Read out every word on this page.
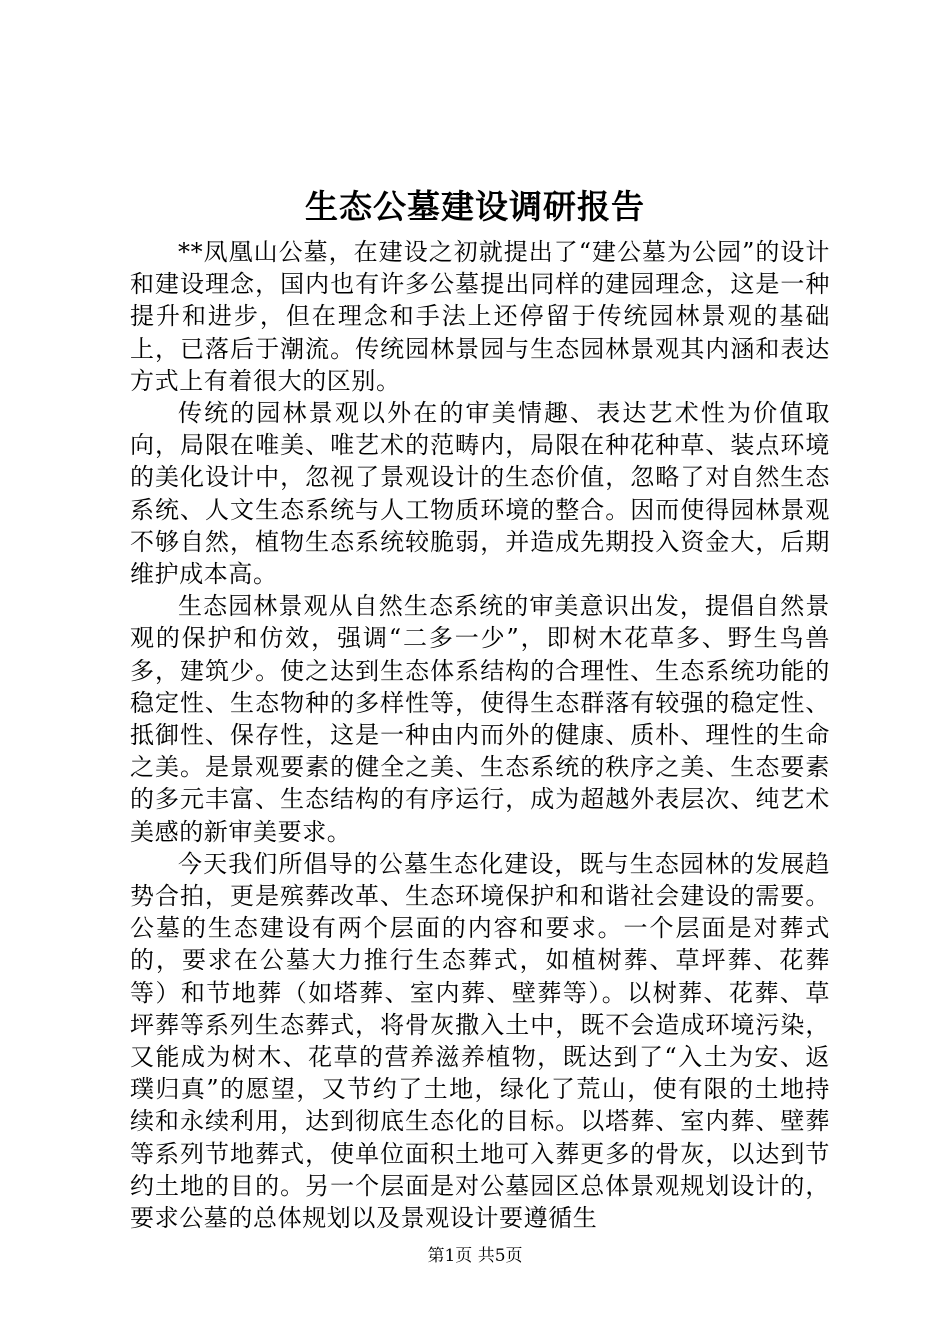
生态公墓建设调研报告

**凤凰山公墓，在建设之初就提出了“建公墓为公园”的设计和建设理念，国内也有许多公墓提出同样的建园理念，这是一种提升和进步，但在理念和手法上还停留于传统园林景观的基础上，已落后于潮流。传统园林景园与生态园林景观其内涵和表达方式上有着很大的区别。

传统的园林景观以外在的审美情趣、表达艺术性为价值取向，局限在唯美、唯艺术的范畴内，局限在种花种草、装点环境的美化设计中，忽视了景观设计的生态价值，忽略了对自然生态系统、人文生态系统与人工物质环境的整合。因而使得园林景观不够自然，植物生态系统较脆弱，并造成先期投入资金大，后期维护成本高。

生态园林景观从自然生态系统的审美意识出发，提倡自然景观的保护和仿效，强调“二多一少”，即树木花草多、野生鸟兽多，建筑少。使之达到生态体系结构的合理性、生态系统功能的稳定性、生态物种的多样性等，使得生态群落有较强的稳定性、抵御性、保存性，这是一种由内而外的健康、质朴、理性的生命之美。是景观要素的健全之美、生态系统的秩序之美、生态要素的多元丰富、生态结构的有序运行，成为超越外表层次、纯艺术美感的新审美要求。

今天我们所倡导的公墓生态化建设，既与生态园林的发展趋势合拍，更是殡葬改革、生态环境保护和和谐社会建设的需要。公墓的生态建设有两个层面的内容和要求。一个层面是对葬式的，要求在公墓大力推行生态葬式，如植树葬、草坪葬、花葬等）和节地葬（如塔葬、室内葬、壁葬等）。以树葬、花葬、草坪葬等系列生态葬式，将骨灰撒入土中，既不会造成环境污染，又能成为树木、花草的营养滋养植物，既达到了“入土为安、返璞归真”的愿望，又节约了土地，绿化了荒山，使有限的土地持续和永续利用，达到彻底生态化的目标。以塔葬、室内葬、壁葬等系列节地葬式，使单位面积土地可入葬更多的骨灰，以达到节约土地的目的。另一个层面是对公墓园区总体景观规划设计的，要求公墓的总体规划以及景观设计要遵循生

第1页 共5页
